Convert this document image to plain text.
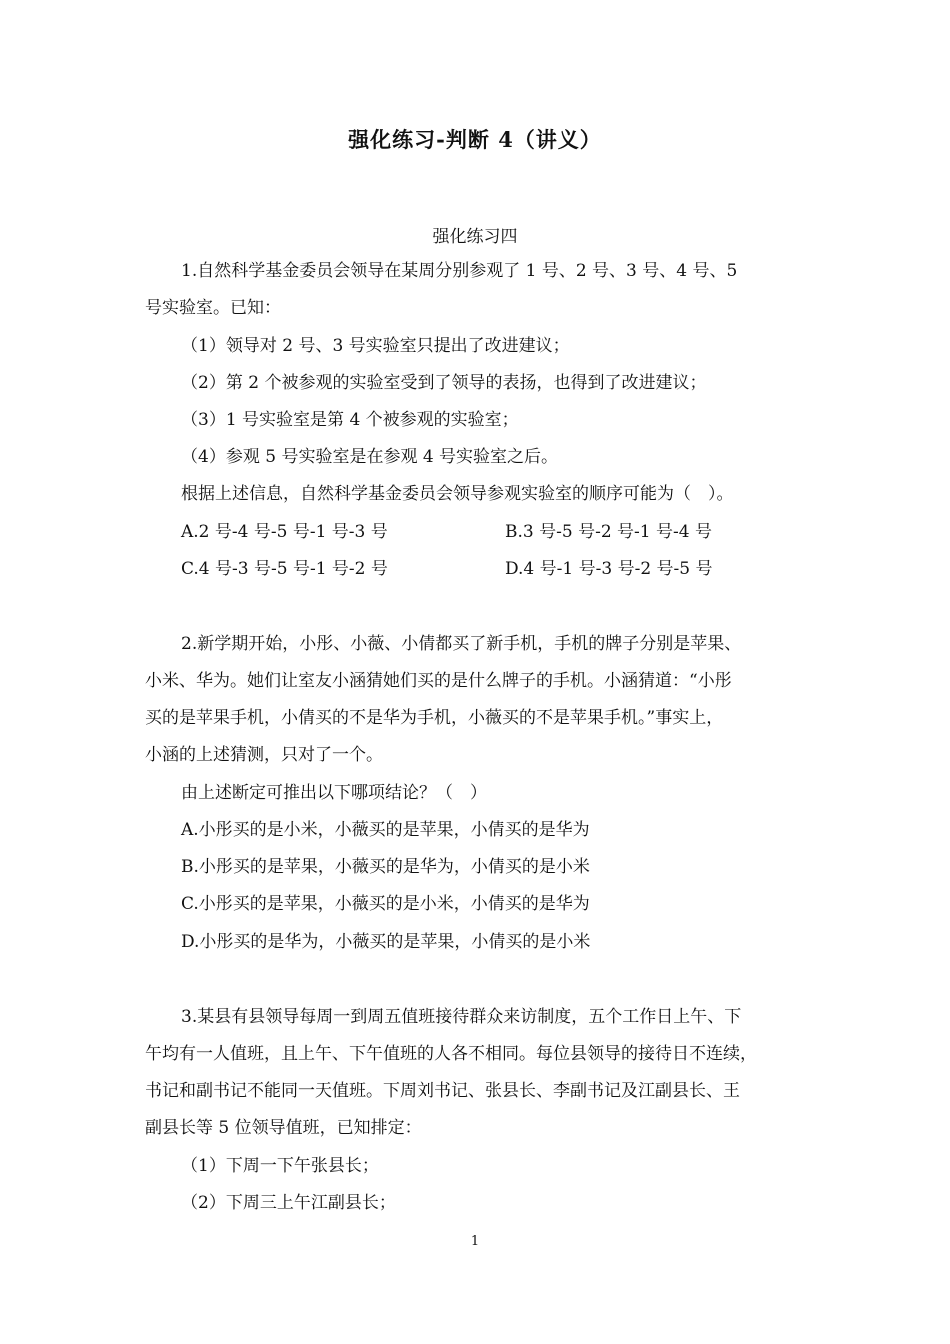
强化练习-判断 4（讲义）
强化练习四
1.自然科学基金委员会领导在某周分别参观了 1 号、2 号、3 号、4 号、5
号实验室。已知：
（1）领导对 2 号、3 号实验室只提出了改进建议；
（2）第 2 个被参观的实验室受到了领导的表扬，也得到了改进建议；
（3）1 号实验室是第 4 个被参观的实验室；
（4）参观 5 号实验室是在参观 4 号实验室之后。
根据上述信息，自然科学基金委员会领导参观实验室的顺序可能为（　）。
A.2 号-4 号-5 号-1 号-3 号	B.3 号-5 号-2 号-1 号-4 号
C.4 号-3 号-5 号-1 号-2 号	D.4 号-1 号-3 号-2 号-5 号
2.新学期开始，小彤、小薇、小倩都买了新手机，手机的牌子分别是苹果、
小米、华为。她们让室友小涵猜她们买的是什么牌子的手机。小涵猜道：“小彤
买的是苹果手机，小倩买的不是华为手机，小薇买的不是苹果手机。”事实上，
小涵的上述猜测，只对了一个。
由上述断定可推出以下哪项结论？（　）
A.小彤买的是小米，小薇买的是苹果，小倩买的是华为
B.小彤买的是苹果，小薇买的是华为，小倩买的是小米
C.小彤买的是苹果，小薇买的是小米，小倩买的是华为
D.小彤买的是华为，小薇买的是苹果，小倩买的是小米
3.某县有县领导每周一到周五值班接待群众来访制度，五个工作日上午、下
午均有一人值班，且上午、下午值班的人各不相同。每位县领导的接待日不连续，
书记和副书记不能同一天值班。下周刘书记、张县长、李副书记及江副县长、王
副县长等 5 位领导值班，已知排定：
（1）下周一下午张县长；
（2）下周三上午江副县长；
1
